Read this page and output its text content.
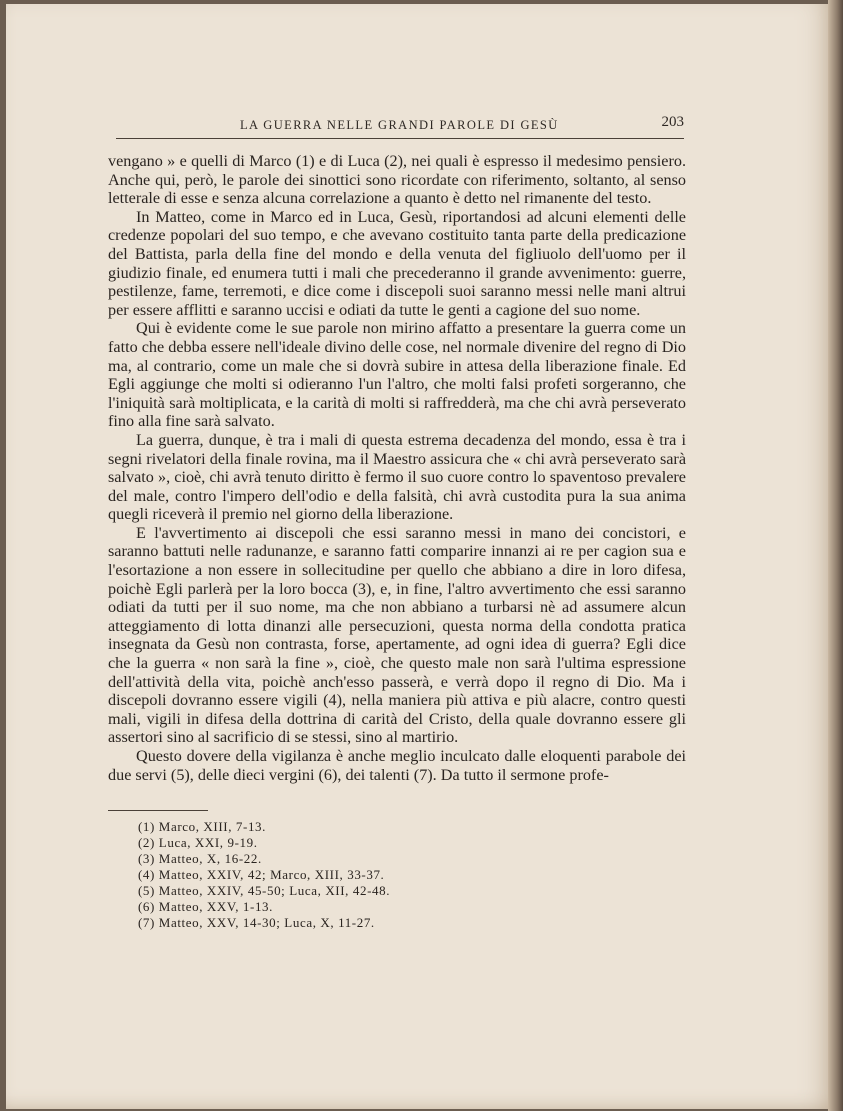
LA GUERRA NELLE GRANDI PAROLE DI GESÙ	203

vengano » e quelli di Marco (1) e di Luca (2), nei quali è espresso il medesimo pensiero. Anche qui, però, le parole dei sinottici sono ricordate con riferimento, soltanto, al senso letterale di esse e senza alcuna correlazione a quanto è detto nel rimanente del testo.

In Matteo, come in Marco ed in Luca, Gesù, riportandosi ad alcuni elementi delle credenze popolari del suo tempo, e che avevano costituito tanta parte della predicazione del Battista, parla della fine del mondo e della venuta del figliuolo dell'uomo per il giudizio finale, ed enumera tutti i mali che precederanno il grande avvenimento: guerre, pestilenze, fame, terremoti, e dice come i discepoli suoi saranno messi nelle mani altrui per essere afflitti e saranno uccisi e odiati da tutte le genti a cagione del suo nome.

Qui è evidente come le sue parole non mirino affatto a presentare la guerra come un fatto che debba essere nell'ideale divino delle cose, nel normale divenire del regno di Dio ma, al contrario, come un male che si dovrà subire in attesa della liberazione finale. Ed Egli aggiunge che molti si odieranno l'un l'altro, che molti falsi profeti sorgeranno, che l'iniquità sarà moltiplicata, e la carità di molti si raffredderà, ma che chi avrà perseverato fino alla fine sarà salvato.

La guerra, dunque, è tra i mali di questa estrema decadenza del mondo, essa è tra i segni rivelatori della finale rovina, ma il Maestro assicura che « chi avrà perseverato sarà salvato », cioè, chi avrà tenuto diritto è fermo il suo cuore contro lo spaventoso prevalere del male, contro l'impero dell'odio e della falsità, chi avrà custodita pura la sua anima quegli riceverà il premio nel giorno della liberazione.

E l'avvertimento ai discepoli che essi saranno messi in mano dei concistori, e saranno battuti nelle radunanze, e saranno fatti comparire innanzi ai re per cagion sua e l'esortazione a non essere in sollecitudine per quello che abbiano a dire in loro difesa, poichè Egli parlerà per la loro bocca (3), e, in fine, l'altro avvertimento che essi saranno odiati da tutti per il suo nome, ma che non abbiano a turbarsi nè ad assumere alcun atteggiamento di lotta dinanzi alle persecuzioni, questa norma della condotta pratica insegnata da Gesù non contrasta, forse, apertamente, ad ogni idea di guerra? Egli dice che la guerra « non sarà la fine », cioè, che questo male non sarà l'ultima espressione dell'attività della vita, poichè anch'esso passerà, e verrà dopo il regno di Dio. Ma i discepoli dovranno essere vigili (4), nella maniera più attiva e più alacre, contro questi mali, vigili in difesa della dottrina di carità del Cristo, della quale dovranno essere gli assertori sino al sacrificio di se stessi, sino al martirio.

Questo dovere della vigilanza è anche meglio inculcato dalle eloquenti parabole dei due servi (5), delle dieci vergini (6), dei talenti (7). Da tutto il sermone profe-

(1) Marco, XIII, 7-13.
(2) Luca, XXI, 9-19.
(3) Matteo, X, 16-22.
(4) Matteo, XXIV, 42; Marco, XIII, 33-37.
(5) Matteo, XXIV, 45-50; Luca, XII, 42-48.
(6) Matteo, XXV, 1-13.
(7) Matteo, XXV, 14-30; Luca, X, 11-27.
